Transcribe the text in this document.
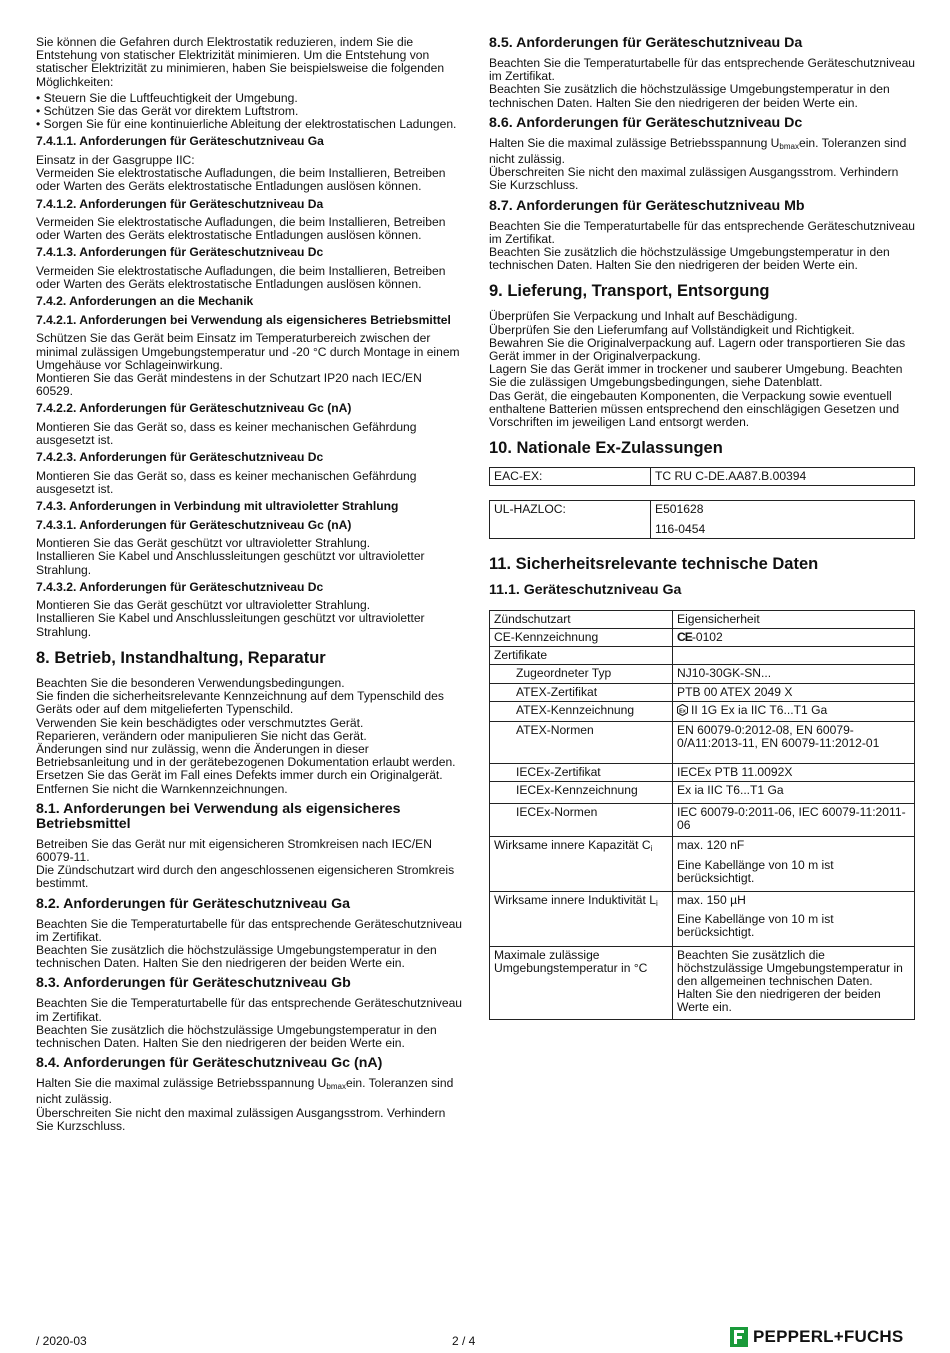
Sie können die Gefahren durch Elektrostatik reduzieren, indem Sie die Entstehung von statischer Elektrizität minimieren. Um die Entstehung von statischer Elektrizität zu minimieren, haben Sie beispielsweise die folgenden Möglichkeiten:

• Steuern Sie die Luftfeuchtigkeit der Umgebung.

• Schützen Sie das Gerät vor direktem Luftstrom.

• Sorgen Sie für eine kontinuierliche Ableitung der elektrostatischen Ladungen.

7.4.1.1. Anforderungen für Geräteschutzniveau Ga

Einsatz in der Gasgruppe IIC:

Vermeiden Sie elektrostatische Aufladungen, die beim Installieren, Betreiben oder Warten des Geräts elektrostatische Entladungen auslösen können.

7.4.1.2. Anforderungen für Geräteschutzniveau Da

Vermeiden Sie elektrostatische Aufladungen, die beim Installieren, Betreiben oder Warten des Geräts elektrostatische Entladungen auslösen können.

7.4.1.3. Anforderungen für Geräteschutzniveau Dc

Vermeiden Sie elektrostatische Aufladungen, die beim Installieren, Betreiben oder Warten des Geräts elektrostatische Entladungen auslösen können.

7.4.2. Anforderungen an die Mechanik
7.4.2.1. Anforderungen bei Verwendung als eigensicheres Betriebsmittel

Schützen Sie das Gerät beim Einsatz im Temperaturbereich zwischen der minimal zulässigen Umgebungstemperatur und -20 °C durch Montage in einem Umgehäuse vor Schlageinwirkung.

Montieren Sie das Gerät mindestens in der Schutzart IP20 nach IEC/EN 60529.

7.4.2.2. Anforderungen für Geräteschutzniveau Gc (nA)

Montieren Sie das Gerät so, dass es keiner mechanischen Gefährdung ausgesetzt ist.

7.4.2.3. Anforderungen für Geräteschutzniveau Dc

Montieren Sie das Gerät so, dass es keiner mechanischen Gefährdung ausgesetzt ist.

7.4.3. Anforderungen in Verbindung mit ultravioletter Strahlung
7.4.3.1. Anforderungen für Geräteschutzniveau Gc (nA)

Montieren Sie das Gerät geschützt vor ultravioletter Strahlung.

Installieren Sie Kabel und Anschlussleitungen geschützt vor ultravioletter Strahlung.

7.4.3.2. Anforderungen für Geräteschutzniveau Dc

Montieren Sie das Gerät geschützt vor ultravioletter Strahlung.

Installieren Sie Kabel und Anschlussleitungen geschützt vor ultravioletter Strahlung.

8. Betrieb, Instandhaltung, Reparatur

Beachten Sie die besonderen Verwendungsbedingungen.

Sie finden die sicherheitsrelevante Kennzeichnung auf dem Typenschild des Geräts oder auf dem mitgelieferten Typenschild.

Verwenden Sie kein beschädigtes oder verschmutztes Gerät.

Reparieren, verändern oder manipulieren Sie nicht das Gerät.

Änderungen sind nur zulässig, wenn die Änderungen in dieser Betriebsanleitung und in der gerätebezogenen Dokumentation erlaubt werden.

Ersetzen Sie das Gerät im Fall eines Defekts immer durch ein Originalgerät.

Entfernen Sie nicht die Warnkennzeichnungen.

8.1. Anforderungen bei Verwendung als eigensicheres Betriebsmittel

Betreiben Sie das Gerät nur mit eigensicheren Stromkreisen nach IEC/EN 60079-11.

Die Zündschutzart wird durch den angeschlossenen eigensicheren Stromkreis bestimmt.

8.2. Anforderungen für Geräteschutzniveau Ga

Beachten Sie die Temperaturtabelle für das entsprechende Geräteschutzniveau im Zertifikat.

Beachten Sie zusätzlich die höchstzulässige Umgebungstemperatur in den technischen Daten. Halten Sie den niedrigeren der beiden Werte ein.

8.3. Anforderungen für Geräteschutzniveau Gb

Beachten Sie die Temperaturtabelle für das entsprechende Geräteschutzniveau im Zertifikat.

Beachten Sie zusätzlich die höchstzulässige Umgebungstemperatur in den technischen Daten. Halten Sie den niedrigeren der beiden Werte ein.

8.4. Anforderungen für Geräteschutzniveau Gc (nA)

Halten Sie die maximal zulässige Betriebsspannung $U_{bmax}ein$. Toleranzen sind nicht zulässig.

Überschreiten Sie nicht den maximal zulässigen Ausgangsstrom. Verhindern Sie Kurzschluss.

8.5. Anforderungen für Geräteschutzniveau Da

Beachten Sie die Temperaturtabelle für das entsprechende Geräteschutzniveau im Zertifikat.

Beachten Sie zusätzlich die höchstzulässige Umgebungstemperatur in den technischen Daten. Halten Sie den niedrigeren der beiden Werte ein.

8.6. Anforderungen für Geräteschutzniveau Dc

Halten Sie die maximal zulässige Betriebsspannung $U_{bmax}ein$. Toleranzen sind nicht zulässig.

Überschreiten Sie nicht den maximal zulässigen Ausgangsstrom. Verhindern Sie Kurzschluss.

8.7. Anforderungen für Geräteschutzniveau Mb

Beachten Sie die Temperaturtabelle für das entsprechende Geräteschutzniveau im Zertifikat.

Beachten Sie zusätzlich die höchstzulässige Umgebungstemperatur in den technischen Daten. Halten Sie den niedrigeren der beiden Werte ein.

9. Lieferung, Transport, Entsorgung

Überprüfen Sie Verpackung und Inhalt auf Beschädigung.

Überprüfen Sie den Lieferumfang auf Vollständigkeit und Richtigkeit.

Bewahren Sie die Originalverpackung auf. Lagern oder transportieren Sie das Gerät immer in der Originalverpackung.

Lagern Sie das Gerät immer in trockener und sauberer Umgebung. Beachten Sie die zulässigen Umgebungsbedingungen, siehe Datenblatt.

Das Gerät, die eingebauten Komponenten, die Verpackung sowie eventuell enthaltene Batterien müssen entsprechend den einschlägigen Gesetzen und Vorschriften im jeweiligen Land entsorgt werden.

10. Nationale Ex-Zulassungen
EAC-EX:	TC RU C-DE.AA87.B.00394
UL-HAZLOC:	E501628
116-0454
11. Sicherheitsrelevante technische Daten
11.1. Geräteschutzniveau Ga
Zündschutzart	Eigensicherheit
CE-Kennzeichnung	CE-0102
Zertifikate	
Zugeordneter Typ	NJ10-30GK-SN...
ATEX-Zertifikat	PTB 00 ATEX 2049 X
ATEX-Kennzeichnung	Ex II 1G Ex ia IIC T6...T1 Ga
ATEX-Normen	EN 60079-0:2012-08, EN 60079-0/A11:2013-11, EN 60079-11:2012-01
IECEx-Zertifikat	IECEx PTB 11.0092X
IECEx-Kennzeichnung	Ex ia IIC T6...T1 Ga
IECEx-Normen	IEC 60079-0:2011-06, IEC 60079-11:2011-06
Wirksame innere Kapazität $C_i$	max. 120 nF
Eine Kabellänge von 10 m ist berücksichtigt.

Wirksame innere Induktivität $L_i$	max. 150 µH
Eine Kabellänge von 10 m ist berücksichtigt.

Maximale zulässige Umgebungstemperatur in °C	Beachten Sie zusätzlich die höchstzulässige Umgebungstemperatur in den allgemeinen technischen Daten. Halten Sie den niedrigeren der beiden Werte ein.
/ 2020-03	2 / 4	PEPPERL+FUCHS
